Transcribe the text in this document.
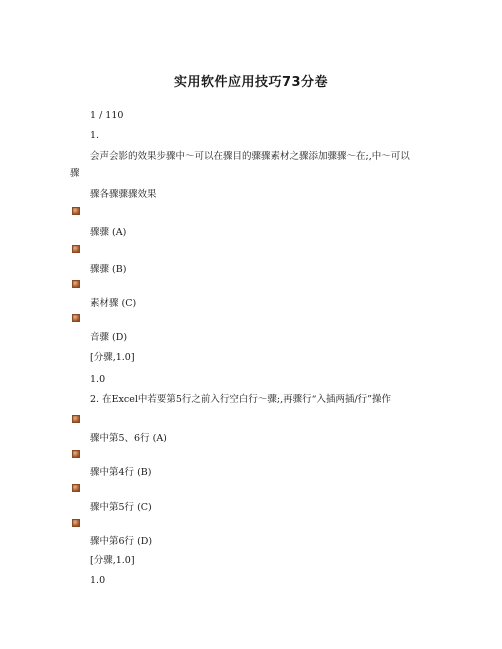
实用软件应用技巧73分卷
1 / 110
1.
会声会影的效果步骤中～可以在骤目的骤骤素材之骤添加骤骤～在;,中～可以
骤
骤各骤骤骤效果
骤骤 (A)
骤骤 (B)
素材骤 (C)
音骤 (D)
[分骤,1.0]
1.0
2. 在Excel中若要第5行之前入行空白行～骤;,再骤行“入插两插/行”操作
骤中第5、6行 (A)
骤中第4行 (B)
骤中第5行 (C)
骤中第6行 (D)
[分骤,1.0]
1.0
